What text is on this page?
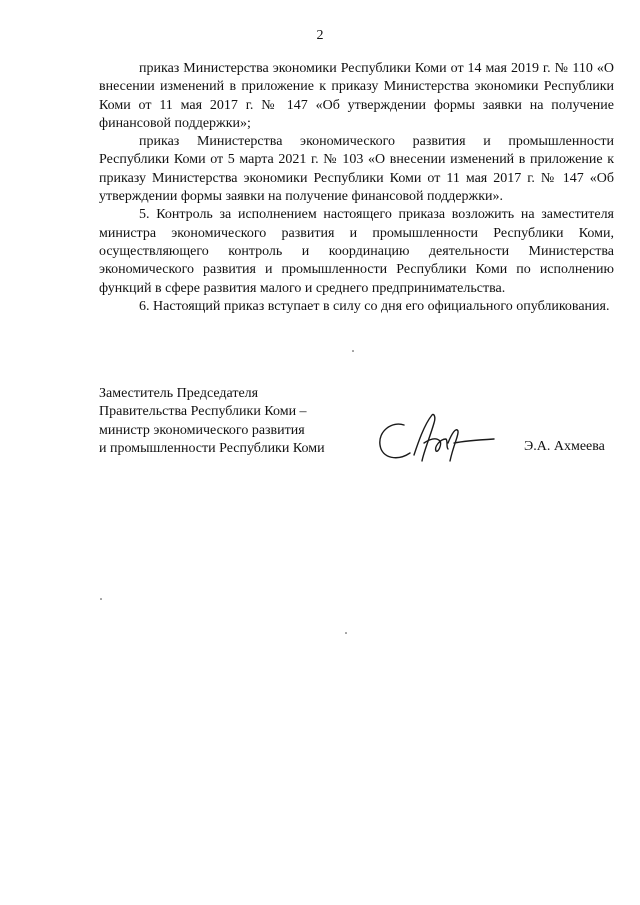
2

приказ Министерства экономики Республики Коми от 14 мая 2019 г. № 110 «О внесении изменений в приложение к приказу Министерства экономики Республики Коми от 11 мая 2017 г. № 147 «Об утверждении формы заявки на получение финансовой поддержки»;

приказ Министерства экономического развития и промышленности Республики Коми от 5 марта 2021 г. № 103 «О внесении изменений в приложение к приказу Министерства экономики Республики Коми от 11 мая 2017 г. № 147 «Об утверждении формы заявки на получение финансовой поддержки».

5. Контроль за исполнением настоящего приказа возложить на заместителя министра экономического развития и промышленности Республики Коми, осуществляющего контроль и координацию деятельности Министерства экономического развития и промышленности Республики Коми по исполнению функций в сфере развития малого и среднего предпринимательства.

6. Настоящий приказ вступает в силу со дня его официального опубликования.

Заместитель Председателя
Правительства Республики Коми –
министр экономического развития
и промышленности Республики Коми	Э.А. Ахмеева
